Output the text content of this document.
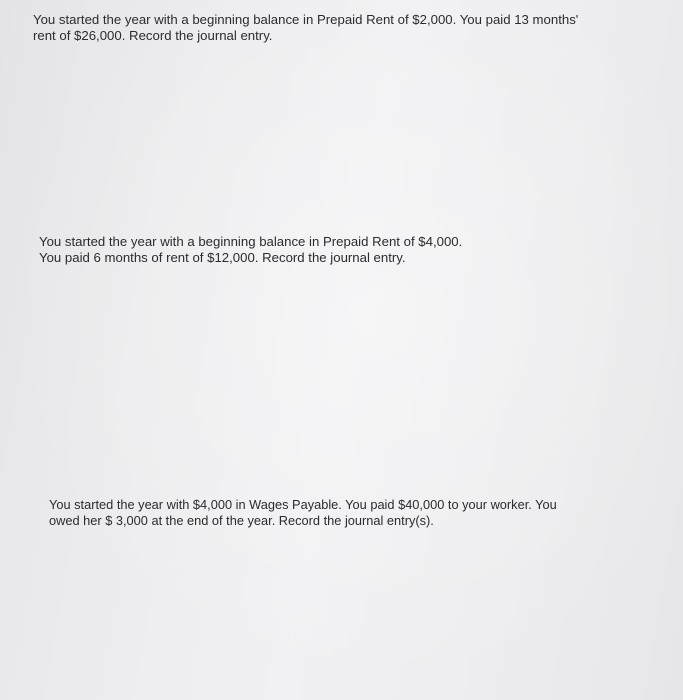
You started the year with a beginning balance in Prepaid Rent of $2,000. You paid 13 months'
rent of $26,000. Record the journal entry.

You started the year with a beginning balance in Prepaid Rent of $4,000.
You paid 6 months of rent of $12,000. Record the journal entry.

You started the year with $4,000 in Wages Payable. You paid $40,000 to your worker. You
owed her $ 3,000 at the end of the year. Record the journal entry(s).
